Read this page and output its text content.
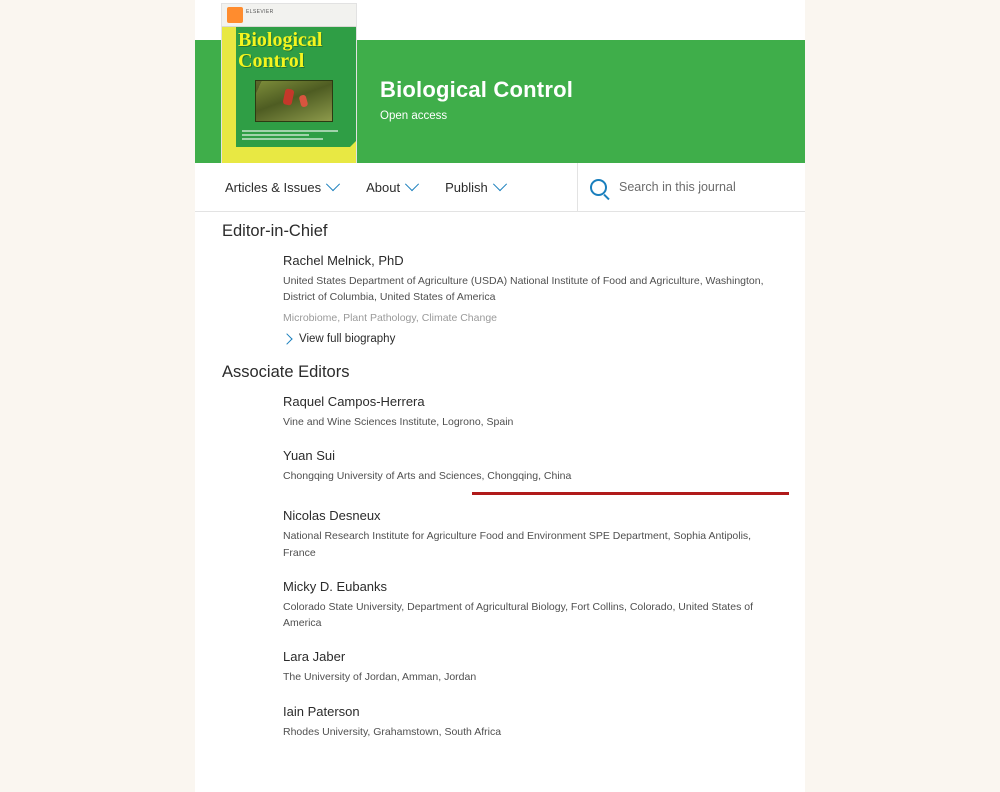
Biological Control
Open access
Biological
Control
ELSEVIER
Articles & Issues	About	Publish
Search in this journal
Editor-in-Chief
Rachel Melnick, PhD
United States Department of Agriculture (USDA) National Institute of Food and Agriculture, Washington, District of Columbia, United States of America
Microbiome, Plant Pathology, Climate Change
View full biography
Associate Editors
Raquel Campos-Herrera
Vine and Wine Sciences Institute, Logrono, Spain
Yuan Sui
Chongqing University of Arts and Sciences, Chongqing, China
Nicolas Desneux
National Research Institute for Agriculture Food and Environment SPE Department, Sophia Antipolis, France
Micky D. Eubanks
Colorado State University, Department of Agricultural Biology, Fort Collins, Colorado, United States of America
Lara Jaber
The University of Jordan, Amman, Jordan
Iain Paterson
Rhodes University, Grahamstown, South Africa
